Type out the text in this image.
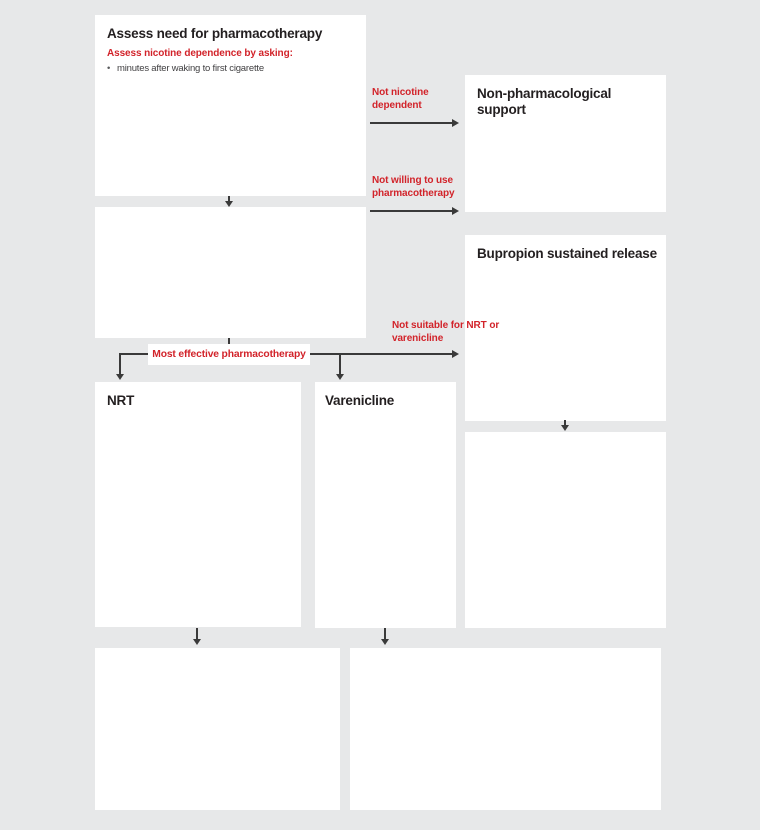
Assess need for pharmacotherapy
Assess nicotine dependence by asking:
• minutes after waking to first cigarette
Non-pharmacological support
Bupropion sustained release
NRT	Varenicline
Not nicotine dependent
Not willing to use pharmacotherapy
Not suitable for NRT or varenicline
Most effective pharmacotherapy
